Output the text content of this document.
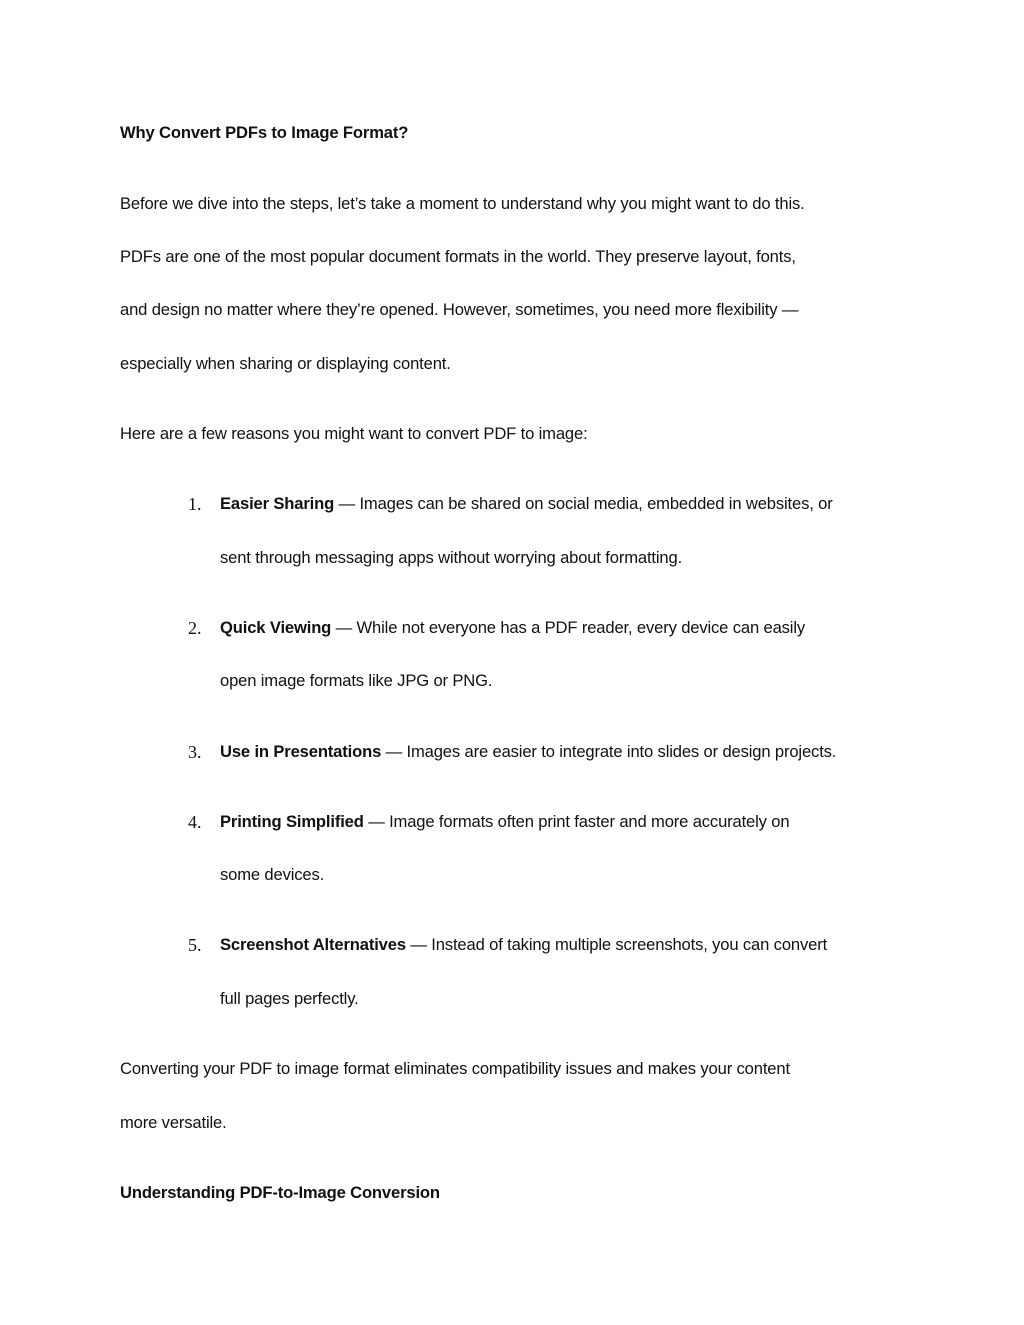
Why Convert PDFs to Image Format?
Before we dive into the steps, let’s take a moment to understand why you might want to do this.
PDFs are one of the most popular document formats in the world. They preserve layout, fonts,
and design no matter where they’re opened. However, sometimes, you need more flexibility —
especially when sharing or displaying content.
Here are a few reasons you might want to convert PDF to image:
1. Easier Sharing — Images can be shared on social media, embedded in websites, or
sent through messaging apps without worrying about formatting.
2. Quick Viewing — While not everyone has a PDF reader, every device can easily
open image formats like JPG or PNG.
3. Use in Presentations — Images are easier to integrate into slides or design projects.
4. Printing Simplified — Image formats often print faster and more accurately on
some devices.
5. Screenshot Alternatives — Instead of taking multiple screenshots, you can convert
full pages perfectly.
Converting your PDF to image format eliminates compatibility issues and makes your content
more versatile.
Understanding PDF-to-Image Conversion
